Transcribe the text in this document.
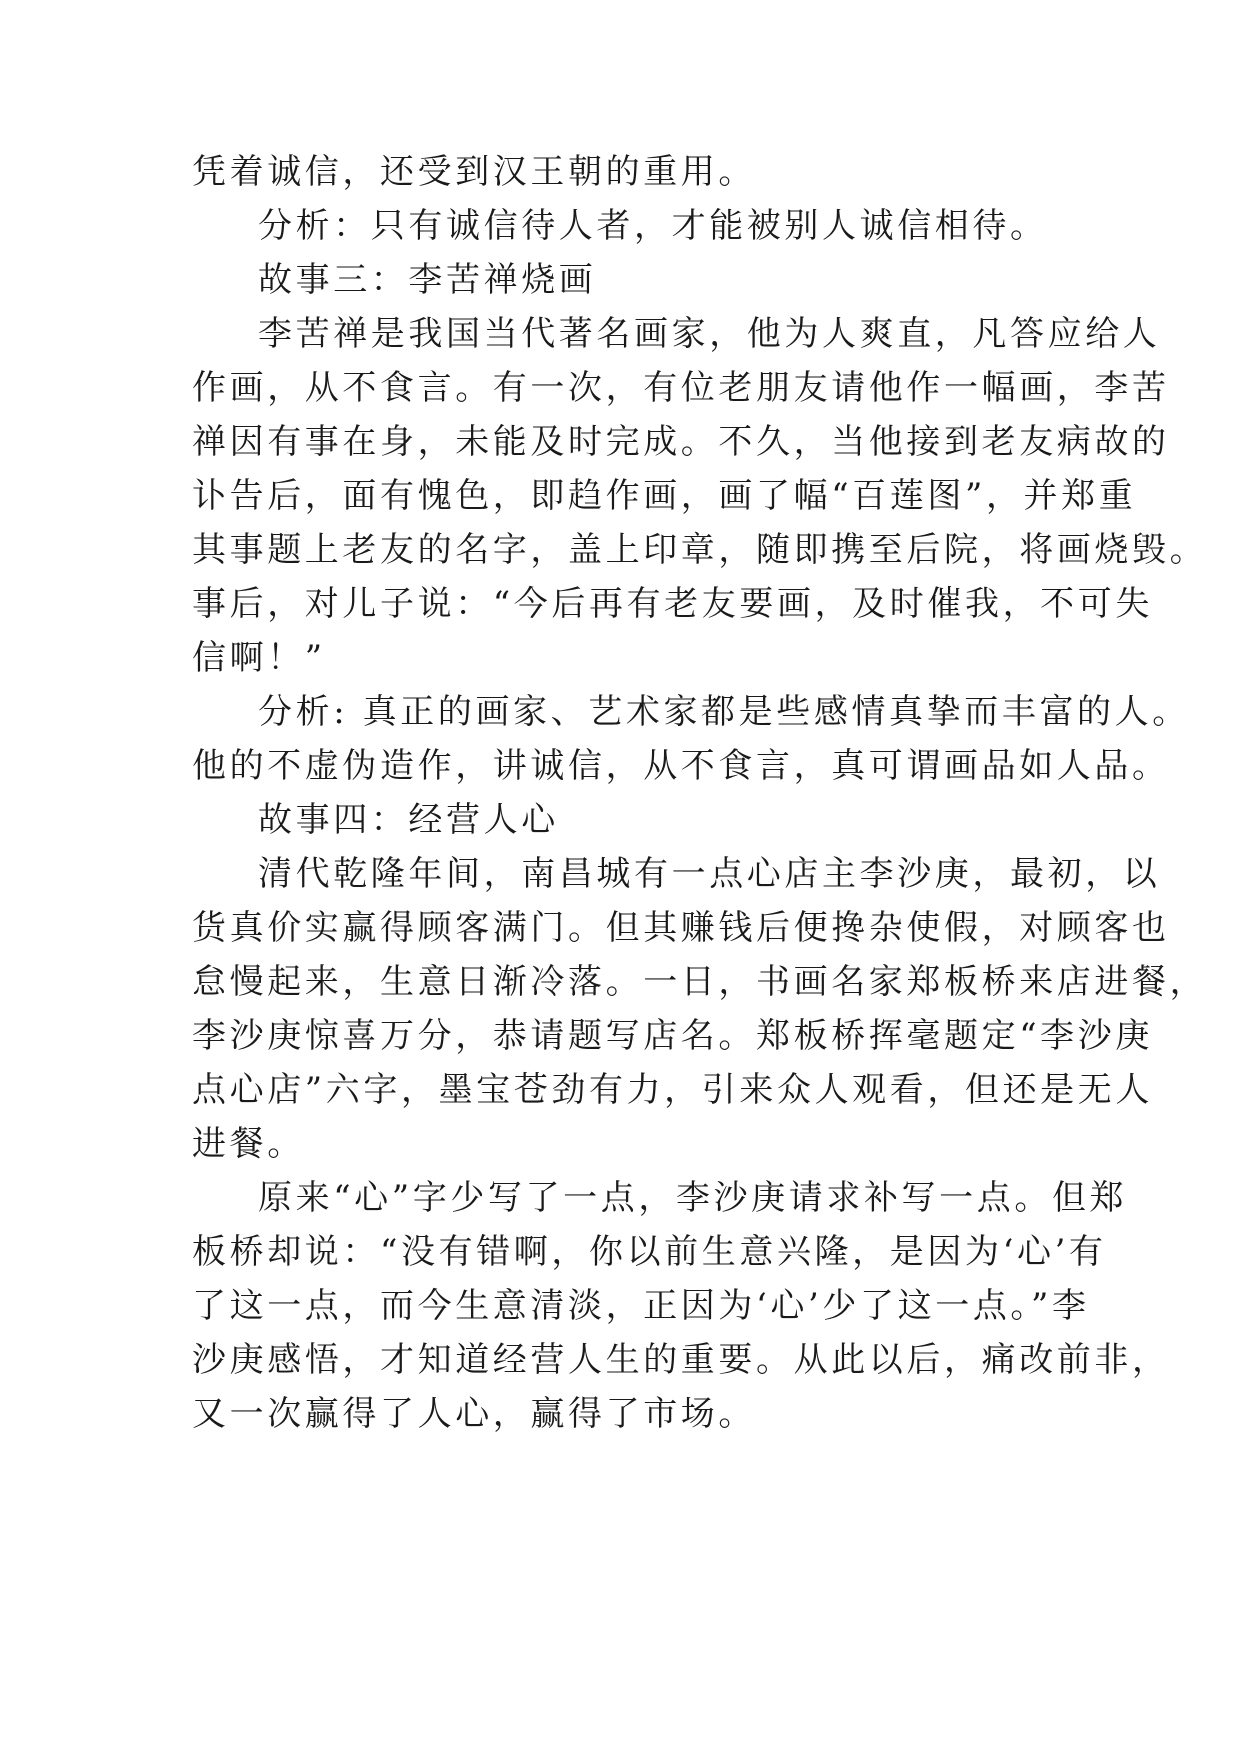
凭着诚信，还受到汉王朝的重用。
分析：只有诚信待人者，才能被别人诚信相待。
故事三：李苦禅烧画
李苦禅是我国当代著名画家，他为人爽直，凡答应给人
作画，从不食言。有一次，有位老朋友请他作一幅画，李苦
禅因有事在身，未能及时完成。不久，当他接到老友病故的
讣告后，面有愧色，即趋作画，画了幅“百莲图”，并郑重
其事题上老友的名字，盖上印章，随即携至后院，将画烧毁。
事后，对儿子说：“今后再有老友要画，及时催我，不可失
信啊！”
分析: 真正的画家、艺术家都是些感情真挚而丰富的人。
他的不虚伪造作，讲诚信，从不食言，真可谓画品如人品。
故事四：经营人心
清代乾隆年间，南昌城有一点心店主李沙庚，最初，以
货真价实赢得顾客满门。但其赚钱后便搀杂使假，对顾客也
怠慢起来，生意日渐冷落。一日，书画名家郑板桥来店进餐，
李沙庚惊喜万分，恭请题写店名。郑板桥挥毫题定“李沙庚
点心店”六字，墨宝苍劲有力，引来众人观看，但还是无人
进餐。
原来“心”字少写了一点，李沙庚请求补写一点。但郑
板桥却说：“没有错啊，你以前生意兴隆，是因为‘心’有
了这一点，而今生意清淡，正因为‘心’少了这一点。”李
沙庚感悟，才知道经营人生的重要。从此以后，痛改前非，
又一次赢得了人心，赢得了市场。
